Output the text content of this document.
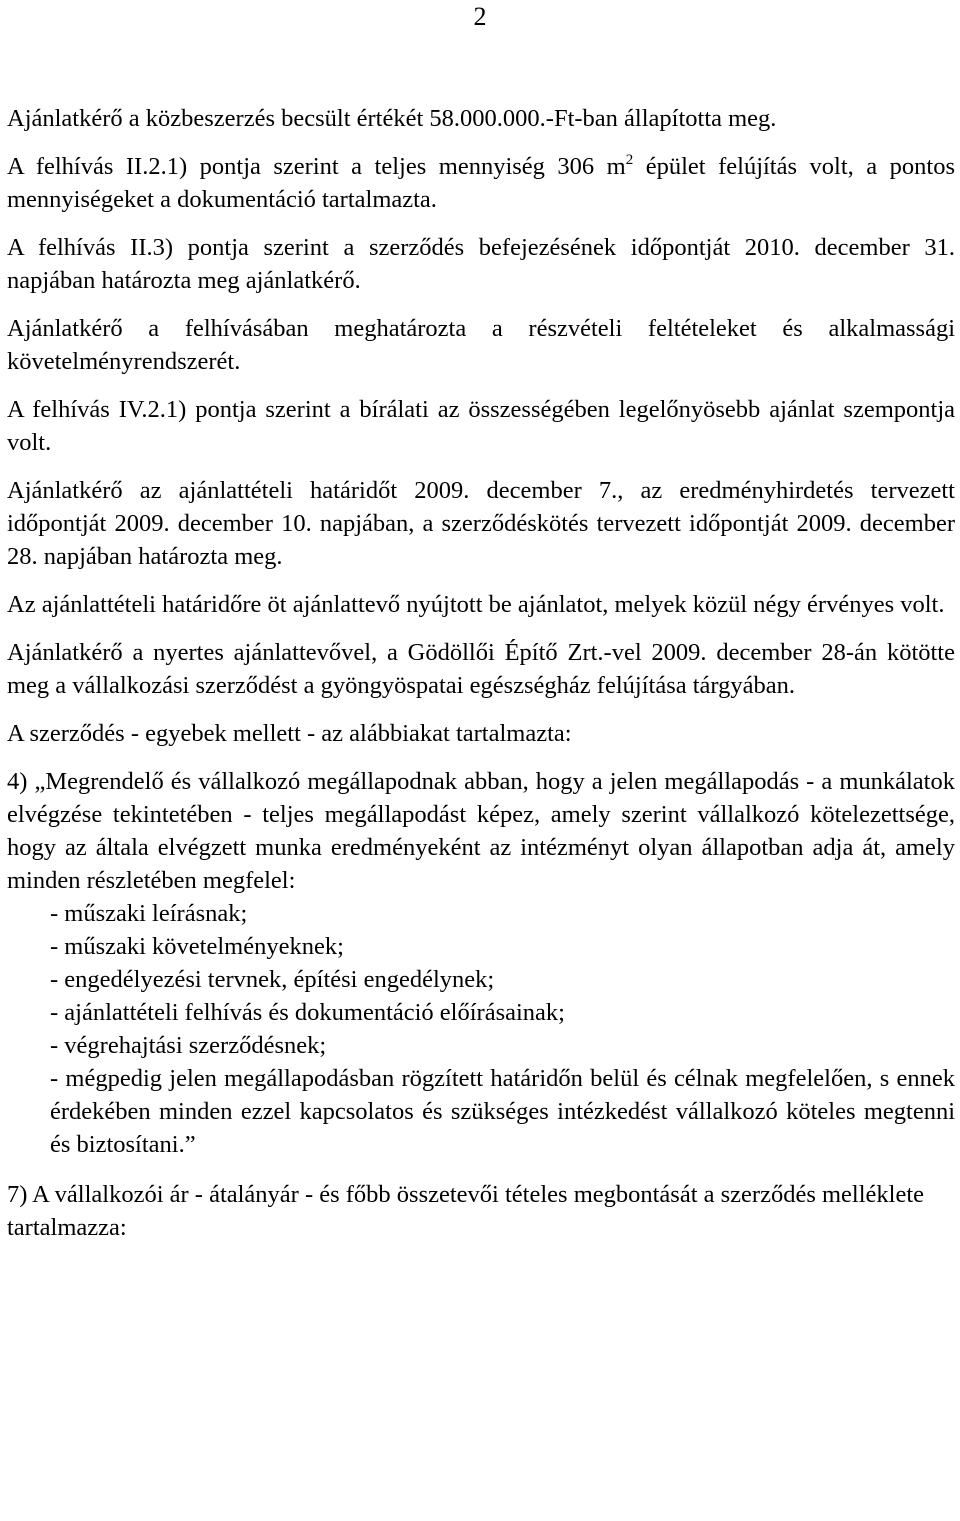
2

Ajánlatkérő a közbeszerzés becsült értékét 58.000.000.-Ft-ban állapította meg.

A felhívás II.2.1) pontja szerint a teljes mennyiség 306 $m^2$ épület felújítás volt, a pontos mennyiségeket a dokumentáció tartalmazta.

A felhívás II.3) pontja szerint a szerződés befejezésének időpontját 2010. december 31. napjában határozta meg ajánlatkérő.

Ajánlatkérő a felhívásában meghatározta a részvételi feltételeket és alkalmassági követelményrendszerét.

A felhívás IV.2.1) pontja szerint a bírálati az összességében legelőnyösebb ajánlat szempontja volt.

Ajánlatkérő az ajánlattételi határidőt 2009. december 7., az eredményhirdetés tervezett időpontját 2009. december 10. napjában, a szerződéskötés tervezett időpontját 2009. december 28. napjában határozta meg.

Az ajánlattételi határidőre öt ajánlattevő nyújtott be ajánlatot, melyek közül négy érvényes volt.

Ajánlatkérő a nyertes ajánlattevővel, a Gödöllői Építő Zrt.-vel 2009. december 28-án kötötte meg a vállalkozási szerződést a gyöngyöspatai egészségház felújítása tárgyában.

A szerződés - egyebek mellett - az alábbiakat tartalmazta:

4) „Megrendelő és vállalkozó megállapodnak abban, hogy a jelen megállapodás - a munkálatok elvégzése tekintetében - teljes megállapodást képez, amely szerint vállalkozó kötelezettsége, hogy az általa elvégzett munka eredményeként az intézményt olyan állapotban adja át, amely minden részletében megfelel:

- műszaki leírásnak;
- műszaki követelményeknek;
- engedélyezési tervnek, építési engedélynek;
- ajánlattételi felhívás és dokumentáció előírásainak;
- végrehajtási szerződésnek;
- mégpedig jelen megállapodásban rögzített határidőn belül és célnak megfelelően, s ennek érdekében minden ezzel kapcsolatos és szükséges intézkedést vállalkozó köteles megtenni és biztosítani.”

7) A vállalkozói ár - átalányár - és főbb összetevői tételes megbontását a szerződés melléklete tartalmazza:
